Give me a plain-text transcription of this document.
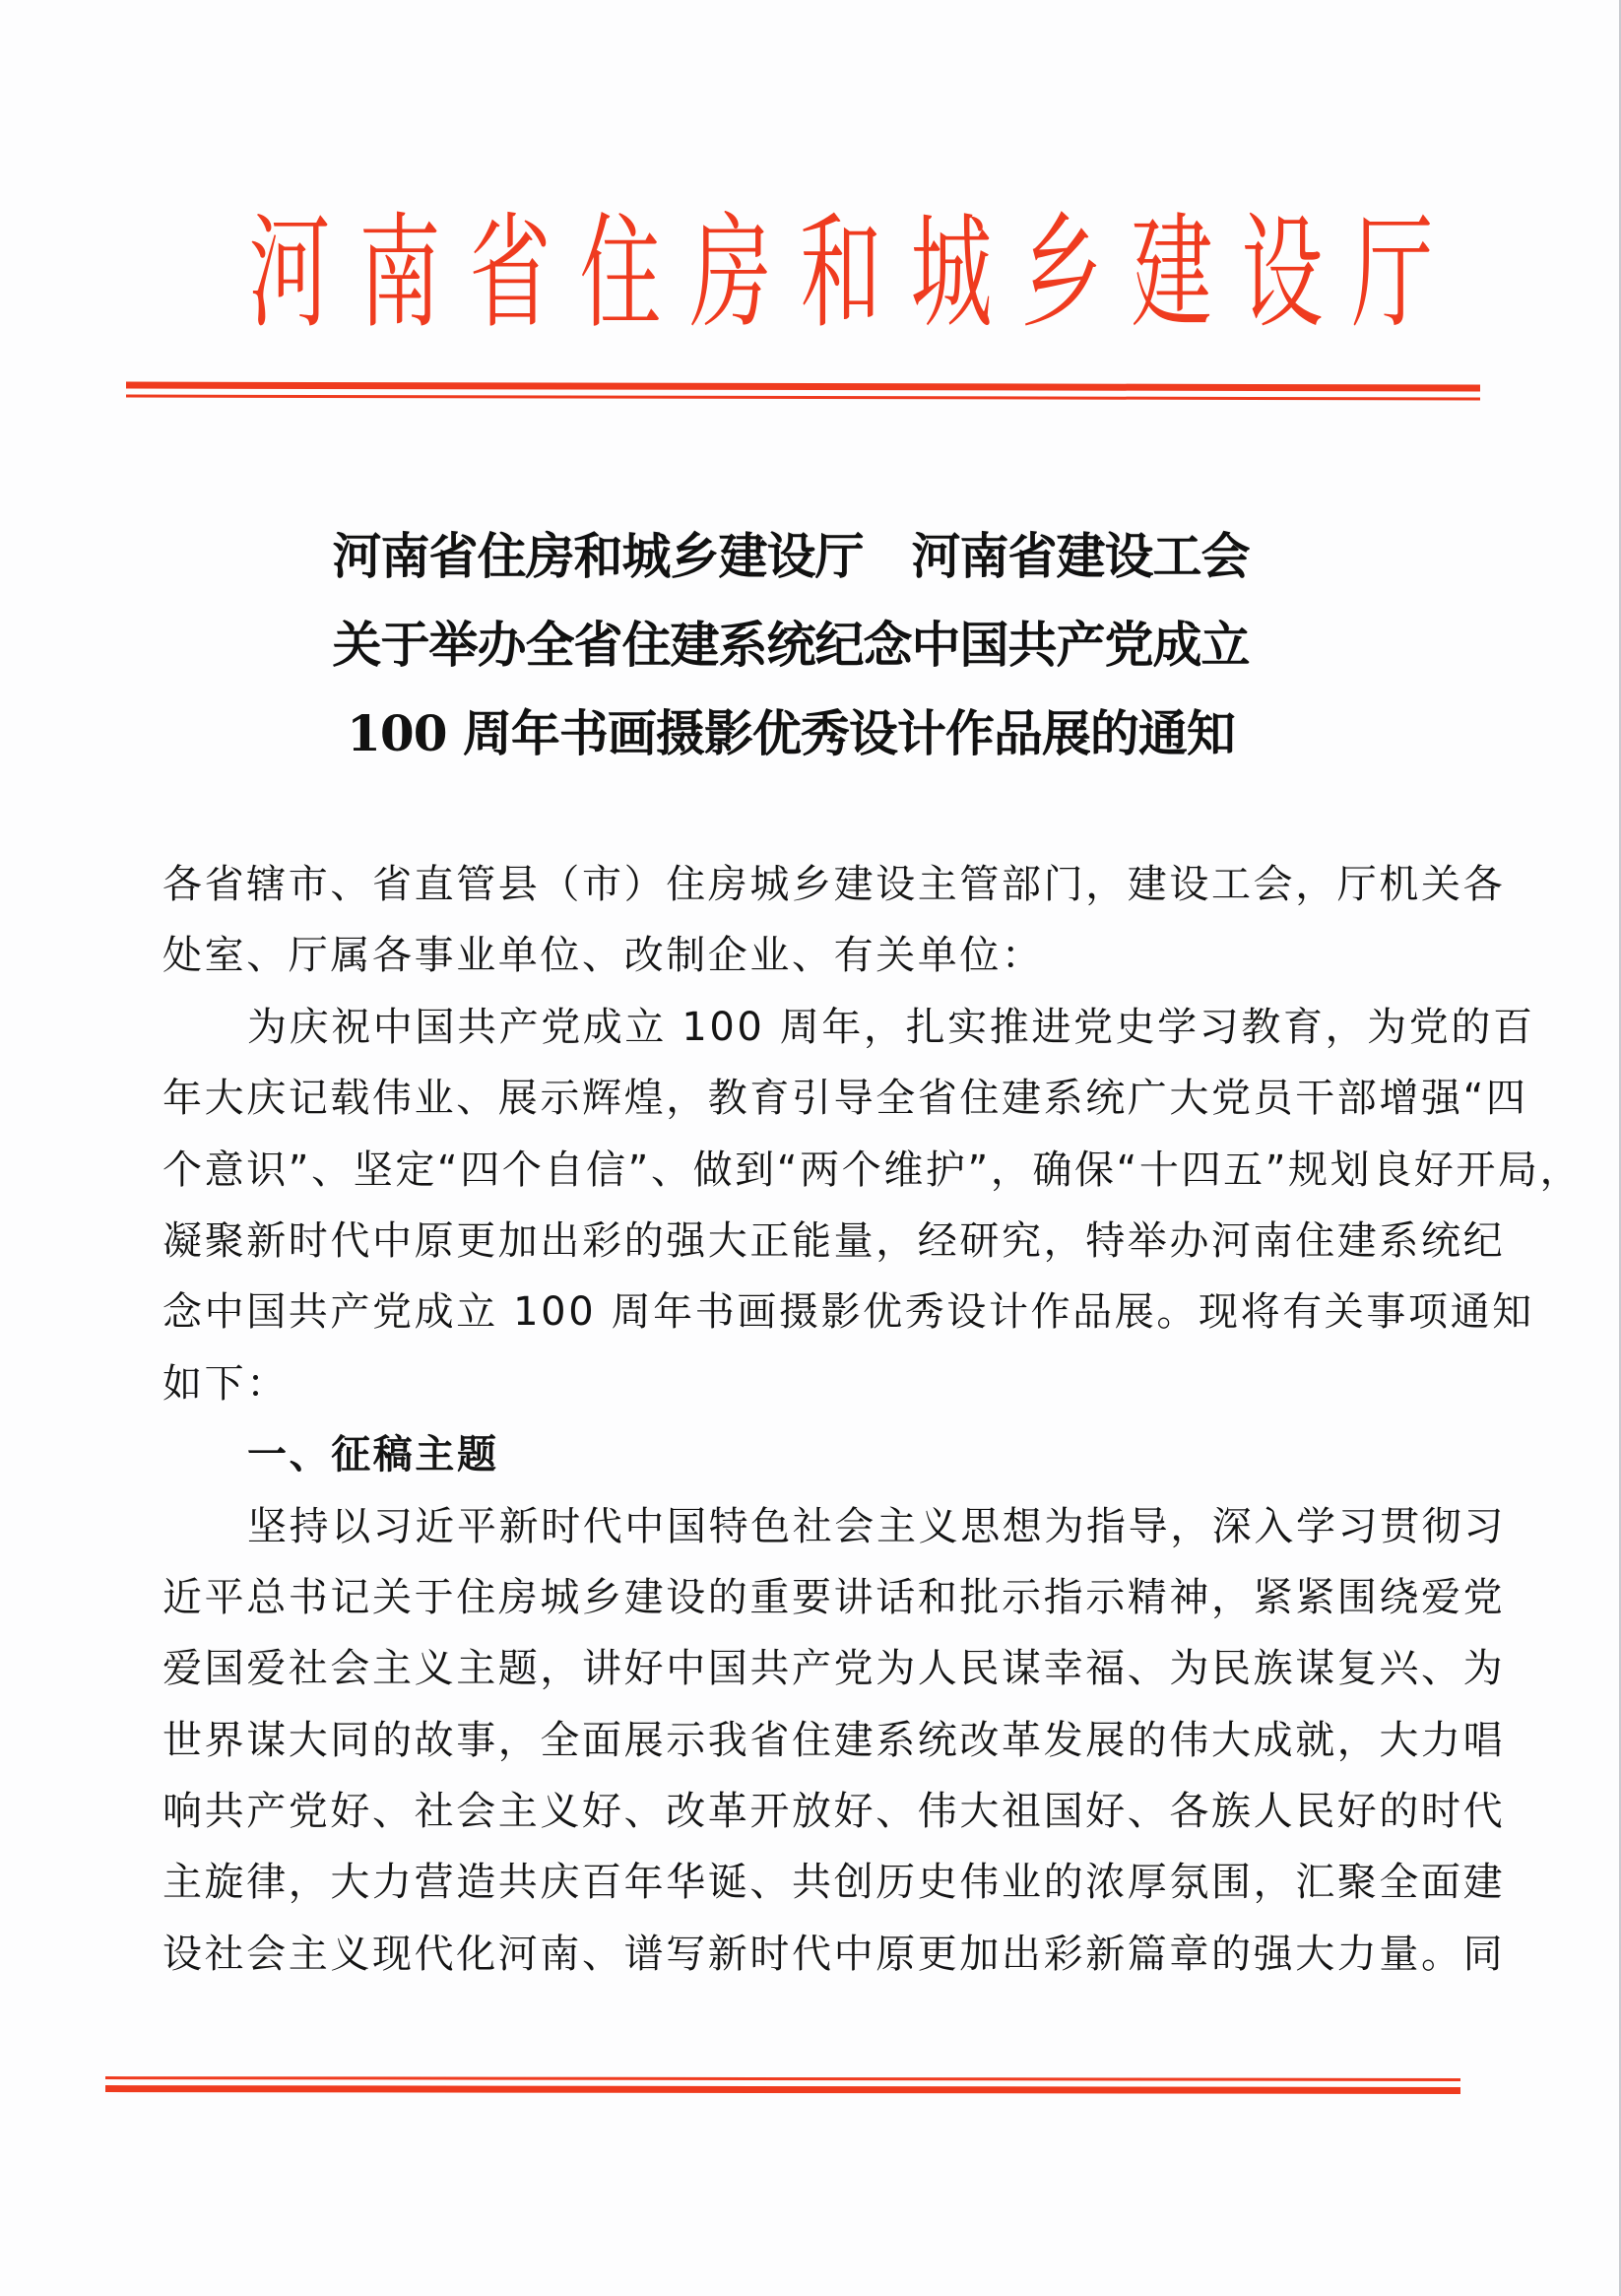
河 南 省 住 房 和 城 乡 建 设 厅
河南省住房和城乡建设厅　河南省建设工会
关于举办全省住建系统纪念中国共产党成立
100 周年书画摄影优秀设计作品展的通知
各省辖市、省直管县（市）住房城乡建设主管部门，建设工会，厅机关各
处室、厅属各事业单位、改制企业、有关单位：
为庆祝中国共产党成立 100 周年，扎实推进党史学习教育，为党的百
年大庆记载伟业、展示辉煌，教育引导全省住建系统广大党员干部增强“四
个意识”、坚定“四个自信”、做到“两个维护”，确保“十四五”规划良好开局，
凝聚新时代中原更加出彩的强大正能量，经研究，特举办河南住建系统纪
念中国共产党成立 100 周年书画摄影优秀设计作品展。现将有关事项通知
如下：
一、征稿主题
坚持以习近平新时代中国特色社会主义思想为指导，深入学习贯彻习
近平总书记关于住房城乡建设的重要讲话和批示指示精神，紧紧围绕爱党
爱国爱社会主义主题，讲好中国共产党为人民谋幸福、为民族谋复兴、为
世界谋大同的故事，全面展示我省住建系统改革发展的伟大成就，大力唱
响共产党好、社会主义好、改革开放好、伟大祖国好、各族人民好的时代
主旋律，大力营造共庆百年华诞、共创历史伟业的浓厚氛围，汇聚全面建
设社会主义现代化河南、谱写新时代中原更加出彩新篇章的强大力量。同
